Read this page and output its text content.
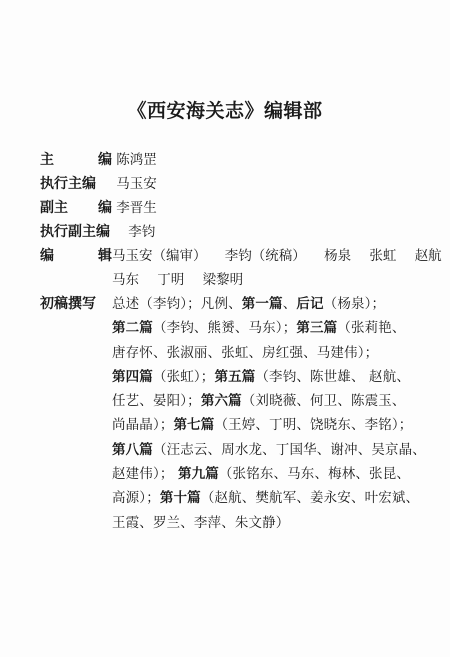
《西安海关志》编辑部
主	编 陈鸿罡
执行主编 马玉安
副主 编 李晋生
执行副主编 李钧
编	辑 马玉安（编审） 李钧（统稿） 杨泉 张虹 赵航
马东 丁明 梁黎明
初稿撰写 总述（李钧）；凡例、第一篇、后记（杨泉）；
第二篇（李钧、熊赟、马东）；第三篇（张莉艳、
唐存怀、张淑丽、张虹、房红强、马建伟）；
第四篇（张虹）；第五篇（李钧、陈世雄、 赵航、
任艺、晏阳）；第六篇（刘晓薇、何卫、陈震玉、
尚晶晶）；第七篇（王婷、丁明、饶晓东、李铭）；
第八篇（汪志云、周水龙、丁国华、谢冲、吴京晶、
赵建伟）； 第九篇（张铭东、马东、梅林、张昆、
高源）；第十篇（赵航、樊航军、姜永安、叶宏斌、
王霞、罗兰、李萍、朱文静）
